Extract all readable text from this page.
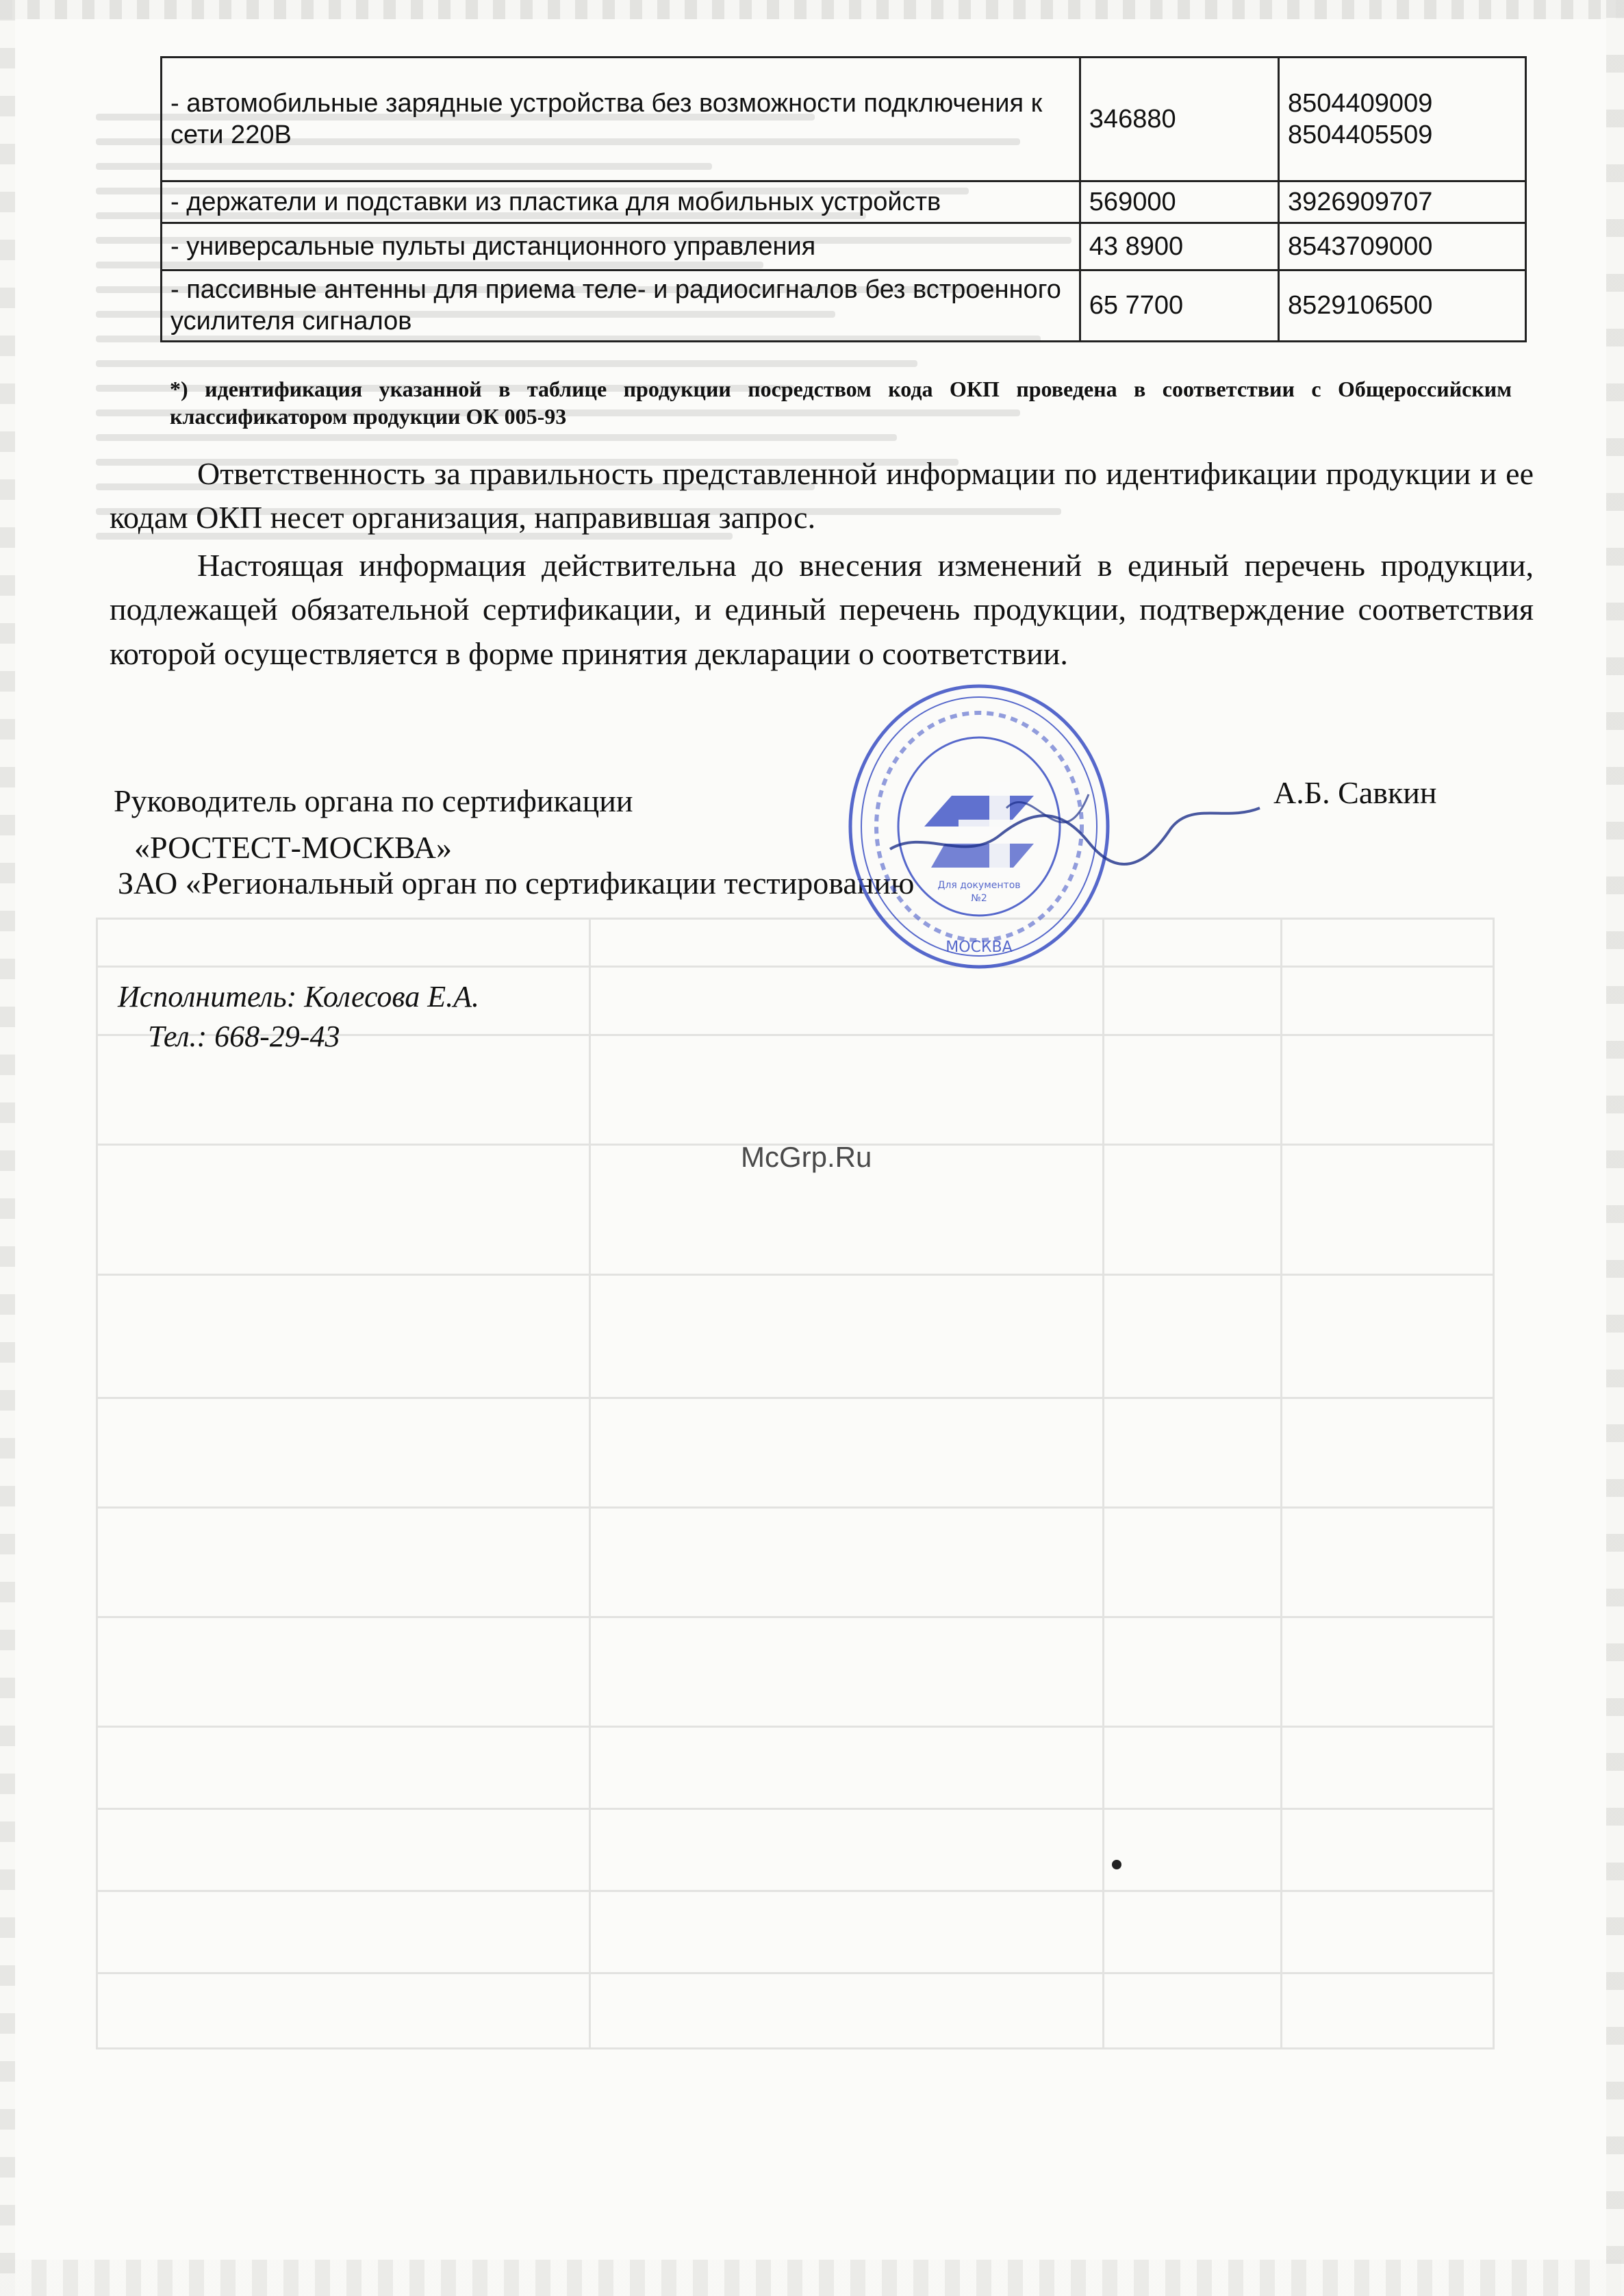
- автомобильные зарядные устройства без возможности подключения к сети 220В	346880	8504409009
8504405509

- держатели и подставки из пластика для мобильных устройств	569000	3926909707
- универсальные пульты дистанционного управления	43 8900	8543709000
- пассивные антенны для приема теле- и радиосигналов без встроенного усилителя сигналов	65 7700	8529106500
*) идентификация указанной в таблице продукции посредством кода ОКП проведена в соответствии с Общероссийским классификатором продукции ОК 005-93
Ответственность за правильность представленной информации по идентификации продукции и ее кодам ОКП несет организация, направившая запрос.
Настоящая информация действительна до внесения изменений в единый перечень продукции, подлежащей обязательной сертификации, и единый перечень продукции, подтверждение соответствия которой осуществляется в форме принятия декларации о соответствии.
Руководитель органа по сертификации
«РОСТЕСТ-МОСКВА»
ЗАО «Региональный орган по сертификации тестированию
А.Б. Савкин
Для документов
№2
МОСКВА
Исполнитель: Колесова Е.А.
Тел.: 668-29-43
McGrp.Ru
